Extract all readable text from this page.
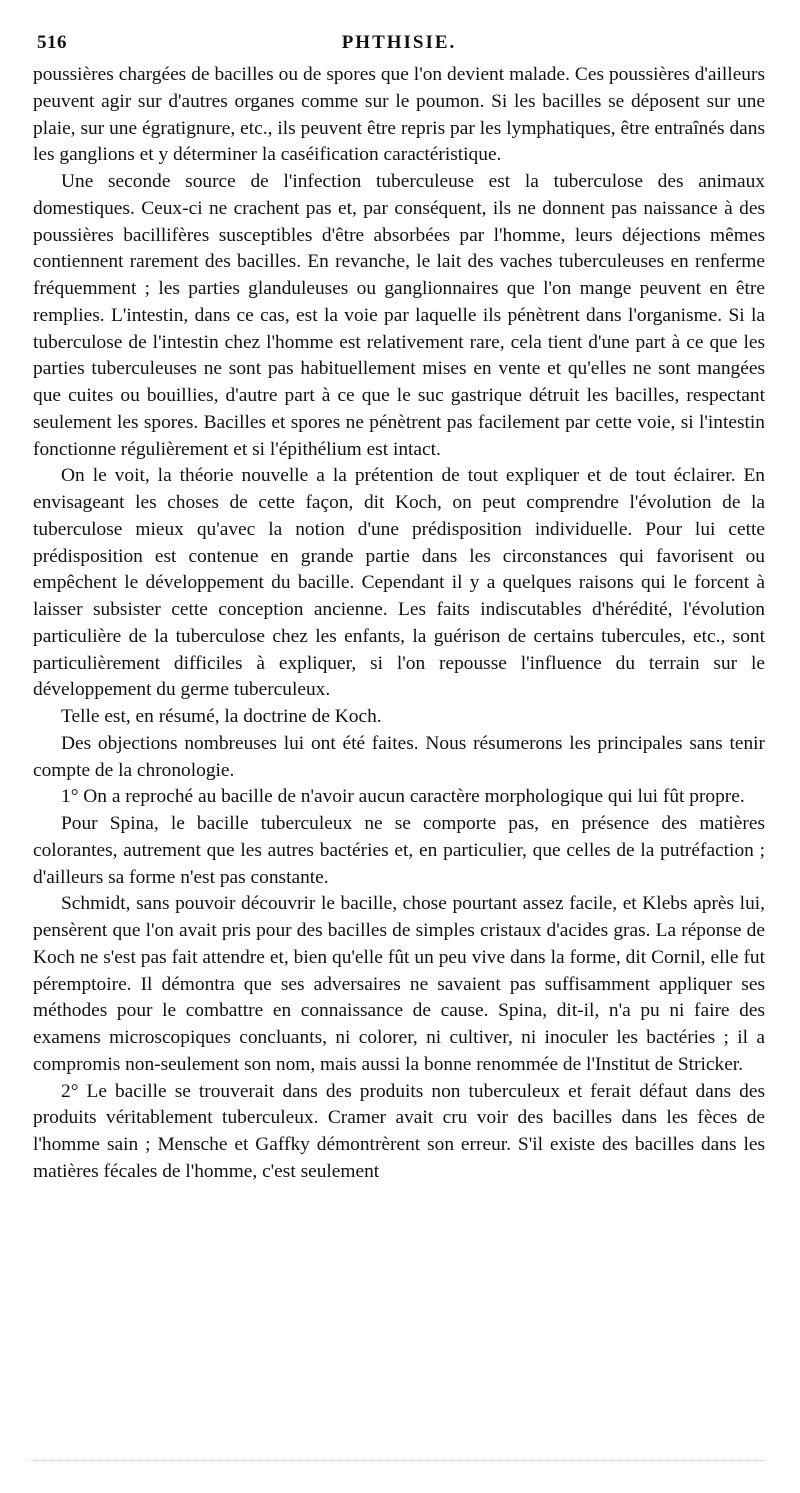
516	PHTHISIE.

poussières chargées de bacilles ou de spores que l'on devient malade. Ces poussières d'ailleurs peuvent agir sur d'autres organes comme sur le poumon. Si les bacilles se déposent sur une plaie, sur une égratignure, etc., ils peuvent être repris par les lymphatiques, être entraînés dans les ganglions et y déterminer la caséification caractéristique.

Une seconde source de l'infection tuberculeuse est la tuberculose des animaux domestiques. Ceux-ci ne crachent pas et, par conséquent, ils ne donnent pas naissance à des poussières bacillifères susceptibles d'être absorbées par l'homme, leurs déjections mêmes contiennent rarement des bacilles. En revanche, le lait des vaches tuberculeuses en renferme fréquemment ; les parties glanduleuses ou ganglionnaires que l'on mange peuvent en être remplies. L'intestin, dans ce cas, est la voie par laquelle ils pénètrent dans l'organisme. Si la tuberculose de l'intestin chez l'homme est relativement rare, cela tient d'une part à ce que les parties tuberculeuses ne sont pas habituellement mises en vente et qu'elles ne sont mangées que cuites ou bouillies, d'autre part à ce que le suc gastrique détruit les bacilles, respectant seulement les spores. Bacilles et spores ne pénètrent pas facilement par cette voie, si l'intestin fonctionne régulièrement et si l'épithélium est intact.

On le voit, la théorie nouvelle a la prétention de tout expliquer et de tout éclairer. En envisageant les choses de cette façon, dit Koch, on peut comprendre l'évolution de la tuberculose mieux qu'avec la notion d'une prédisposition individuelle. Pour lui cette prédisposition est contenue en grande partie dans les circonstances qui favorisent ou empêchent le développement du bacille. Cependant il y a quelques raisons qui le forcent à laisser subsister cette conception ancienne. Les faits indiscutables d'hérédité, l'évolution particulière de la tuberculose chez les enfants, la guérison de certains tubercules, etc., sont particulièrement difficiles à expliquer, si l'on repousse l'influence du terrain sur le développement du germe tuberculeux.

Telle est, en résumé, la doctrine de Koch.

Des objections nombreuses lui ont été faites. Nous résumerons les principales sans tenir compte de la chronologie.

1° On a reproché au bacille de n'avoir aucun caractère morphologique qui lui fût propre.

Pour Spina, le bacille tuberculeux ne se comporte pas, en présence des matières colorantes, autrement que les autres bactéries et, en particulier, que celles de la putréfaction ; d'ailleurs sa forme n'est pas constante.

Schmidt, sans pouvoir découvrir le bacille, chose pourtant assez facile, et Klebs après lui, pensèrent que l'on avait pris pour des bacilles de simples cristaux d'acides gras. La réponse de Koch ne s'est pas fait attendre et, bien qu'elle fût un peu vive dans la forme, dit Cornil, elle fut péremptoire. Il démontra que ses adversaires ne savaient pas suffisamment appliquer ses méthodes pour le combattre en connaissance de cause. Spina, dit-il, n'a pu ni faire des examens microscopiques concluants, ni colorer, ni cultiver, ni inoculer les bactéries ; il a compromis non-seulement son nom, mais aussi la bonne renommée de l'Institut de Stricker.

2° Le bacille se trouverait dans des produits non tuberculeux et ferait défaut dans des produits véritablement tuberculeux. Cramer avait cru voir des bacilles dans les fèces de l'homme sain ; Mensche et Gaffky démontrèrent son erreur. S'il existe des bacilles dans les matières fécales de l'homme, c'est seulement
